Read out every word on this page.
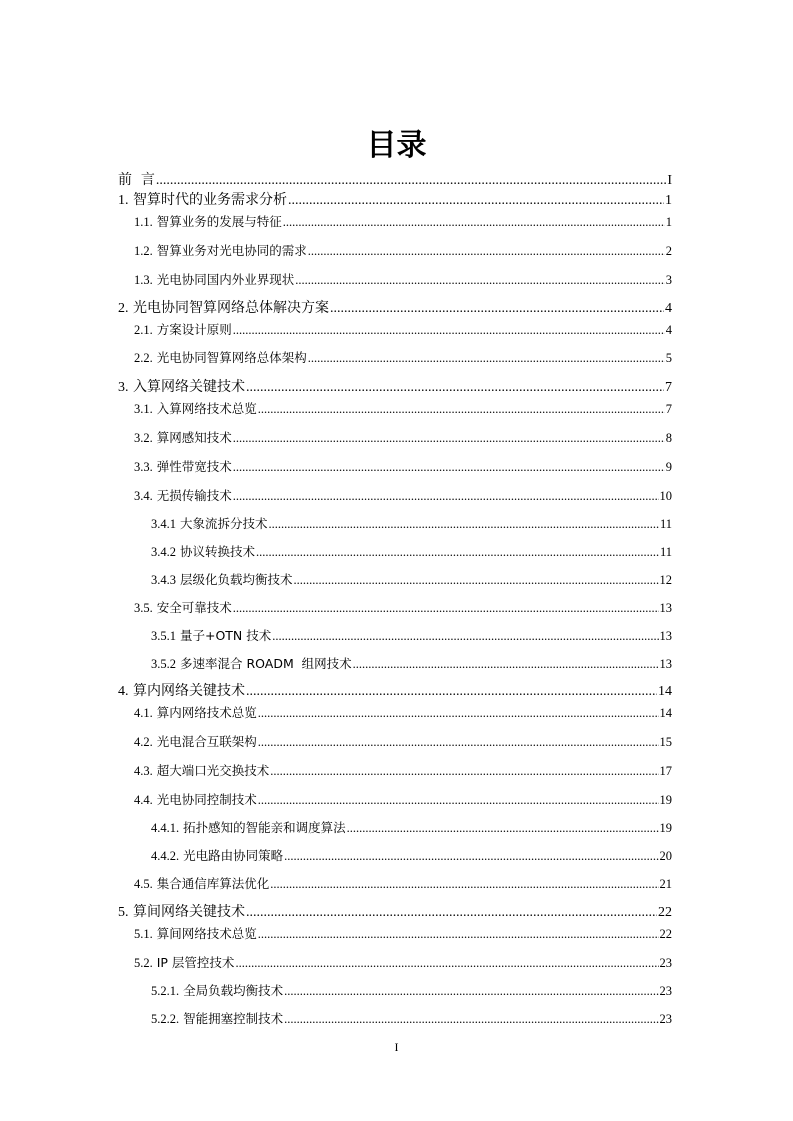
目录
前  言 .....	I
1. 智算时代的业务需求分析 .....	1
1.1. 智算业务的发展与特征 .....	1
1.2. 智算业务对光电协同的需求 .....	2
1.3. 光电协同国内外业界现状 .....	3
2. 光电协同智算网络总体解决方案 .....	4
2.1. 方案设计原则 .....	4
2.2. 光电协同智算网络总体架构 .....	5
3. 入算网络关键技术 .....	7
3.1. 入算网络技术总览 .....	7
3.2. 算网感知技术 .....	8
3.3. 弹性带宽技术 .....	9
3.4. 无损传输技术 .....	10
3.4.1 大象流拆分技术 .....	11
3.4.2 协议转换技术 .....	11
3.4.3 层级化负载均衡技术 .....	12
3.5. 安全可靠技术 .....	13
3.5.1 量子+OTN 技术 .....	13
3.5.2 多速率混合 ROADM  组网技术 .....	13
4. 算内网络关键技术 .....	14
4.1. 算内网络技术总览 .....	14
4.2. 光电混合互联架构 .....	15
4.3. 超大端口光交换技术 .....	17
4.4. 光电协同控制技术 .....	19
4.4.1. 拓扑感知的智能亲和调度算法 .....	19
4.4.2. 光电路由协同策略 .....	20
4.5. 集合通信库算法优化 .....	21
5. 算间网络关键技术 .....	22
5.1. 算间网络技术总览 .....	22
5.2. IP 层管控技术 .....	23
5.2.1. 全局负载均衡技术 .....	23
5.2.2. 智能拥塞控制技术 .....	23
I
